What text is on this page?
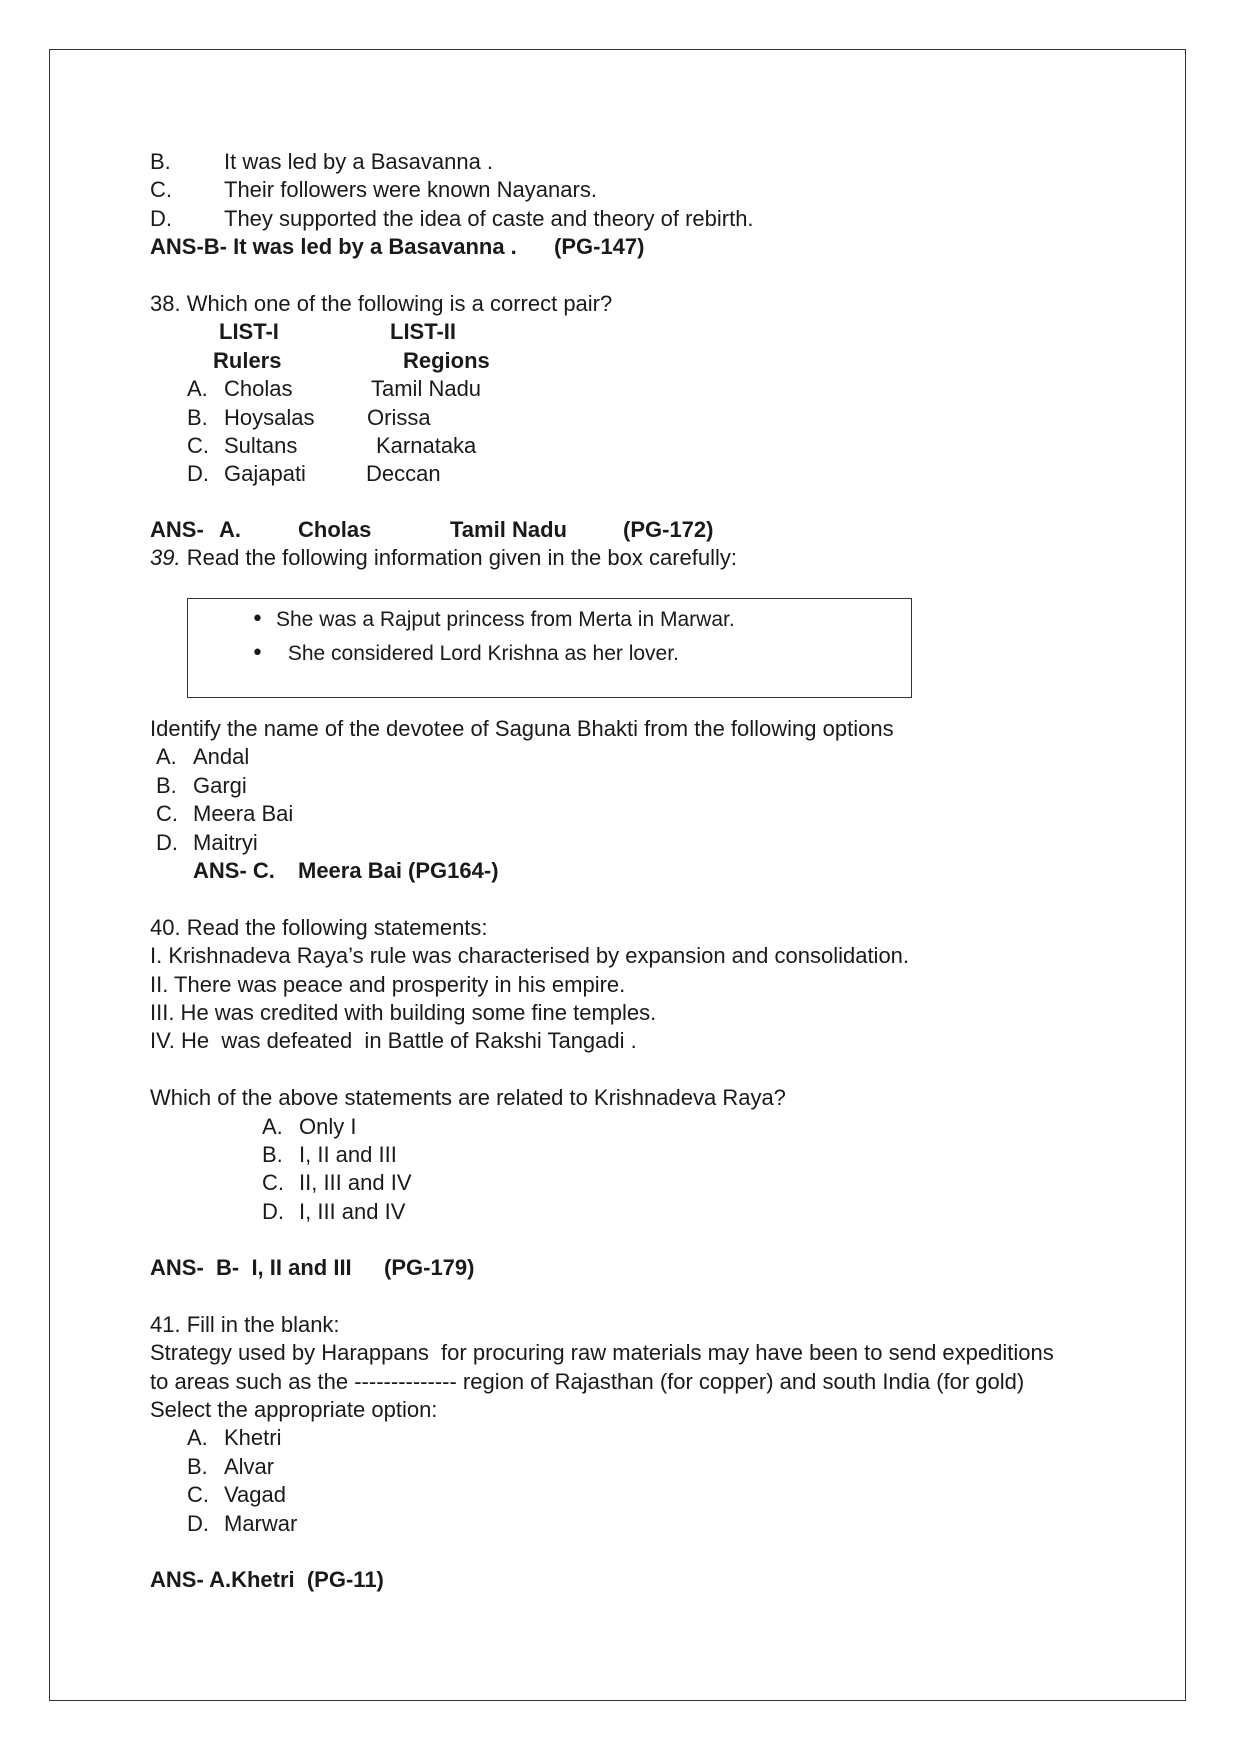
B. It was led by a Basavanna .
C. Their followers were known Nayanars.
D. They supported the idea of caste and theory of rebirth.
ANS-B- It was led by a Basavanna . (PG-147)
38. Which one of the following is a correct pair?
LIST-I	LIST-II
Rulers	Regions
A. Cholas	Tamil Nadu
B. Hoysalas Orissa
C. Sultans	Karnataka
D. Gajapati	Deccan
ANS- A.	Cholas	Tamil Nadu	(PG-172)
39. Read the following information given in the box carefully:
• She was a Rajput princess from Merta in Marwar.
• She considered Lord Krishna as her lover.
Identify the name of the devotee of Saguna Bhakti from the following options
A. Andal
B. Gargi
C. Meera Bai
D. Maitryi
ANS- C. Meera Bai (PG164-)
40. Read the following statements:
I. Krishnadeva Raya’s rule was characterised by expansion and consolidation.
II. There was peace and prosperity in his empire.
III. He was credited with building some fine temples.
IV. He  was defeated  in Battle of Rakshi Tangadi .
Which of the above statements are related to Krishnadeva Raya?
A. Only I
B. I, II and III
C. II, III and IV
D. I, III and IV
ANS-  B-  I, II and III (PG-179)
41. Fill in the blank:
Strategy used by Harappans  for procuring raw materials may have been to send expeditions
to areas such as the -------------- region of Rajasthan (for copper) and south India (for gold)
Select the appropriate option:
A. Khetri
B. Alvar
C. Vagad
D. Marwar
ANS- A.Khetri  (PG-11)
